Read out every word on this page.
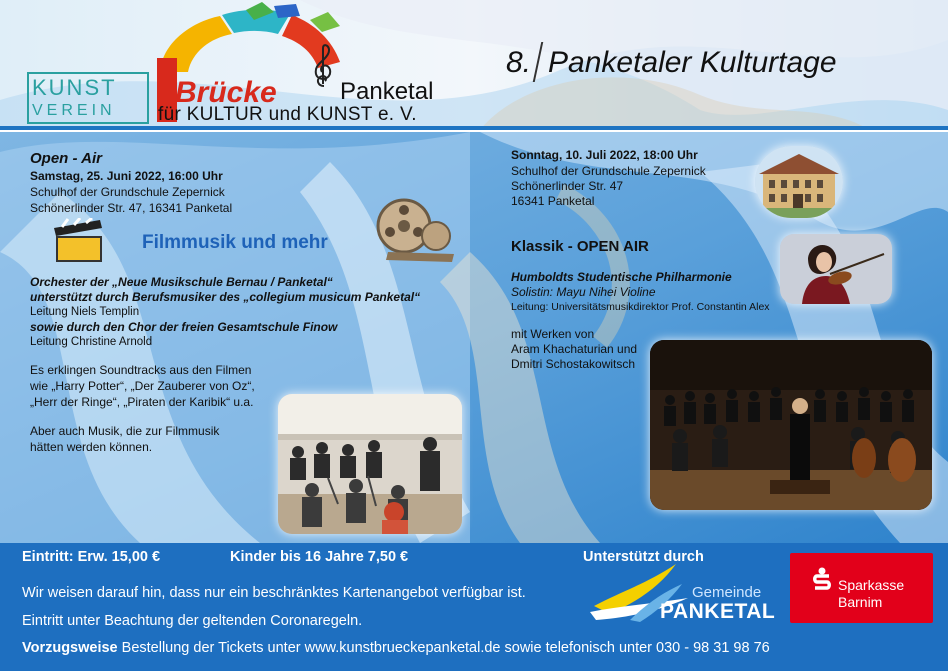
KUNST
VEREIN
Brücke	Panketal
für KULTUR und KUNST e. V.
8. Panketaler Kulturtage
Open - Air
Samstag, 25. Juni 2022, 16:00 Uhr
Schulhof der Grundschule Zepernick
Schönerlinder Str. 47, 16341 Panketal
Filmmusik und mehr
Orchester der „Neue Musikschule Bernau / Panketal“
unterstützt durch Berufsmusiker des „collegium musicum Panketal“
Leitung Niels Templin
sowie durch den Chor der freien Gesamtschule Finow
Leitung Christine Arnold
Es erklingen Soundtracks aus den Filmen
wie „Harry Potter“, „Der Zauberer von Oz“,
„Herr der Ringe“, „Piraten der Karibik“ u.a.
Aber auch Musik, die zur Filmmusik
hätten werden können.
Sonntag, 10. Juli 2022, 18:00 Uhr
Schulhof der Grundschule Zepernick
Schönerlinder Str. 47
16341 Panketal
Klassik - OPEN AIR
Humboldts Studentische Philharmonie
Solistin: Mayu Nihei Violine
Leitung: Universitätsmusikdirektor Prof. Constantin Alex
mit Werken von
Aram Khachaturian und
Dmitri Schostakowitsch
Eintritt: Erw. 15,00 €	Kinder bis 16 Jahre 7,50 €	Unterstützt durch
Wir weisen darauf hin, dass nur ein beschränktes Kartenangebot verfügbar ist.
Eintritt unter Beachtung der geltenden Coronaregeln.
Vorzugsweise Bestellung der Tickets unter www.kunstbrueckepanketal.de sowie telefonisch unter 030 - 98 31 98 76
Gemeinde
PANKETAL
Sparkasse
Barnim
